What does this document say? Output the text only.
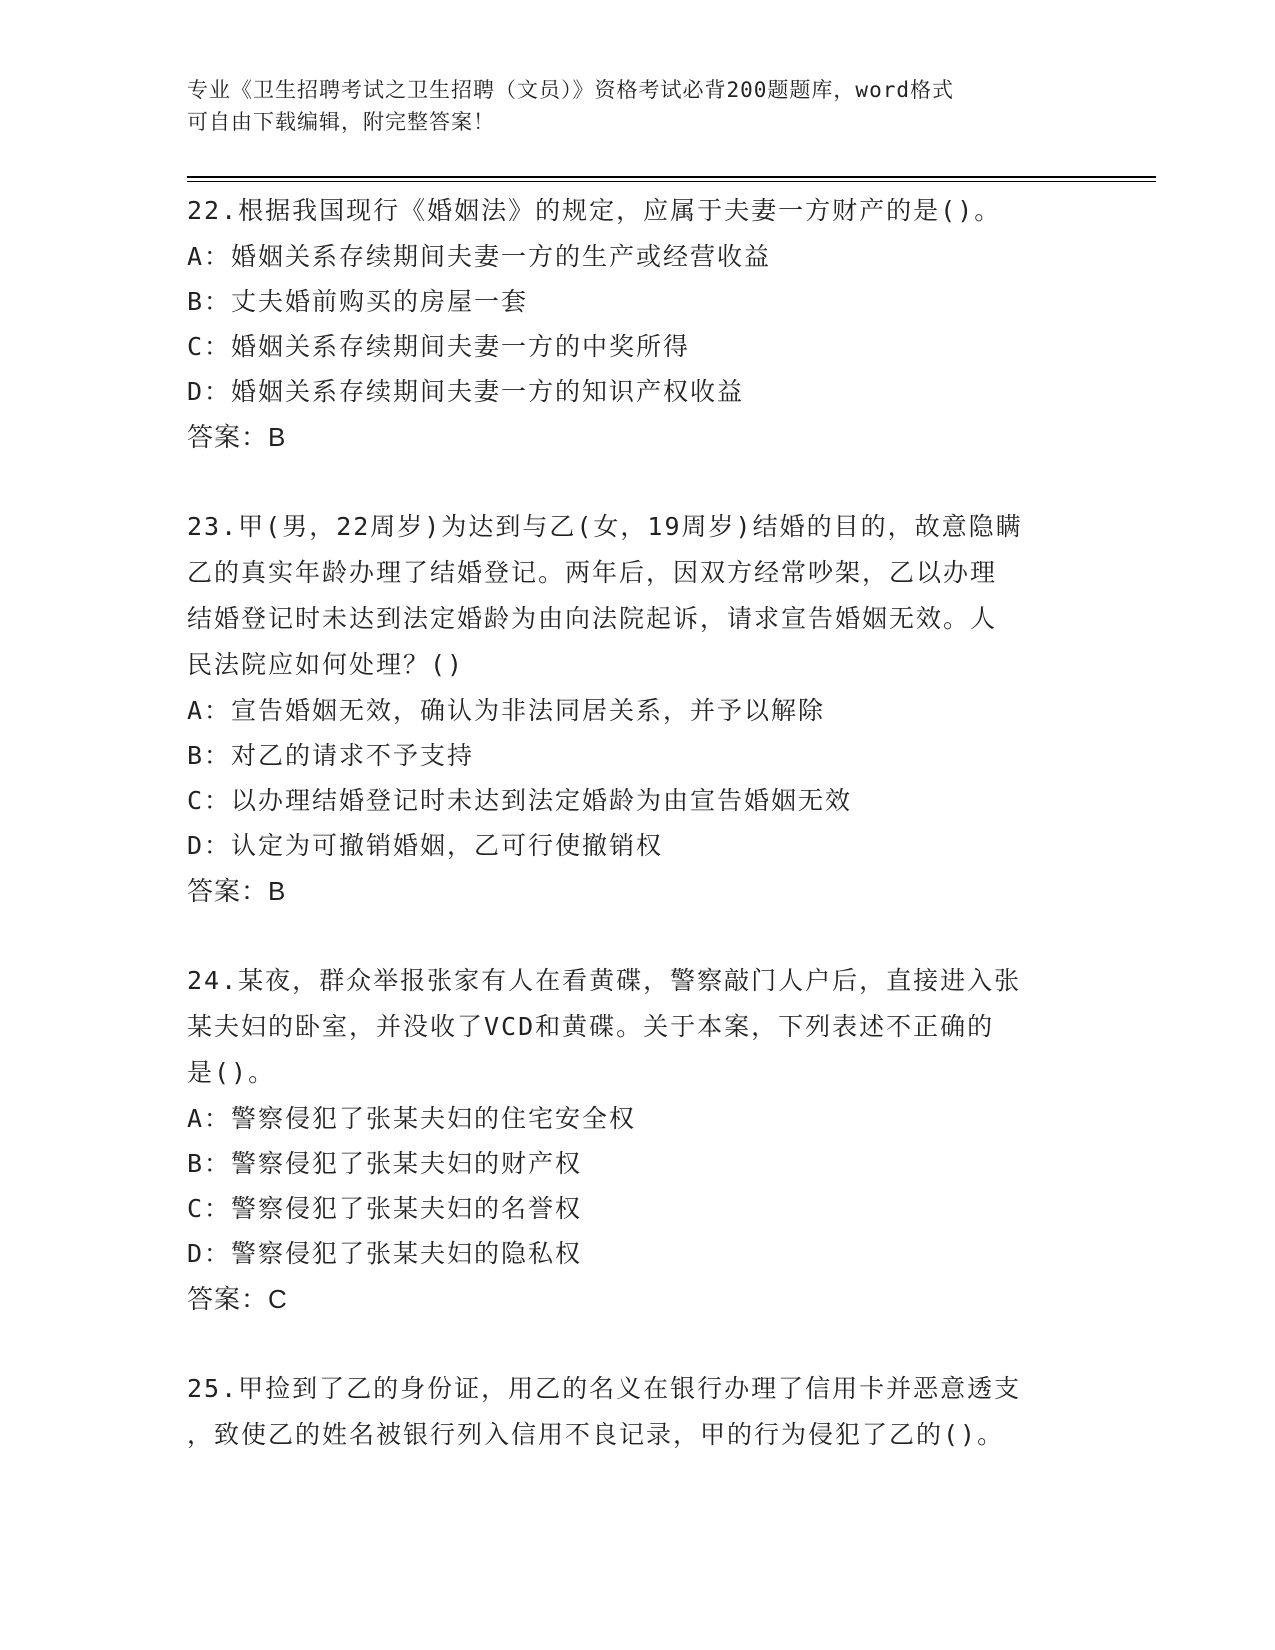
专业《卫生招聘考试之卫生招聘（文员）》资格考试必背200题题库，word格式
可自由下载编辑，附完整答案！
22.根据我国现行《婚姻法》的规定，应属于夫妻一方财产的是()。
A：婚姻关系存续期间夫妻一方的生产或经营收益
B：丈夫婚前购买的房屋一套
C：婚姻关系存续期间夫妻一方的中奖所得
D：婚姻关系存续期间夫妻一方的知识产权收益
答案：B
23.甲(男，22周岁)为达到与乙(女，19周岁)结婚的目的，故意隐瞒
乙的真实年龄办理了结婚登记。两年后，因双方经常吵架，乙以办理
结婚登记时未达到法定婚龄为由向法院起诉，请求宣告婚姻无效。人
民法院应如何处理？()
A：宣告婚姻无效，确认为非法同居关系，并予以解除
B：对乙的请求不予支持
C：以办理结婚登记时未达到法定婚龄为由宣告婚姻无效
D：认定为可撤销婚姻，乙可行使撤销权
答案：B
24.某夜，群众举报张家有人在看黄碟，警察敲门人户后，直接进入张
某夫妇的卧室，并没收了VCD和黄碟。关于本案，下列表述不正确的
是()。
A：警察侵犯了张某夫妇的住宅安全权
B：警察侵犯了张某夫妇的财产权
C：警察侵犯了张某夫妇的名誉权
D：警察侵犯了张某夫妇的隐私权
答案：C
25.甲捡到了乙的身份证，用乙的名义在银行办理了信用卡并恶意透支
，致使乙的姓名被银行列入信用不良记录，甲的行为侵犯了乙的()。
